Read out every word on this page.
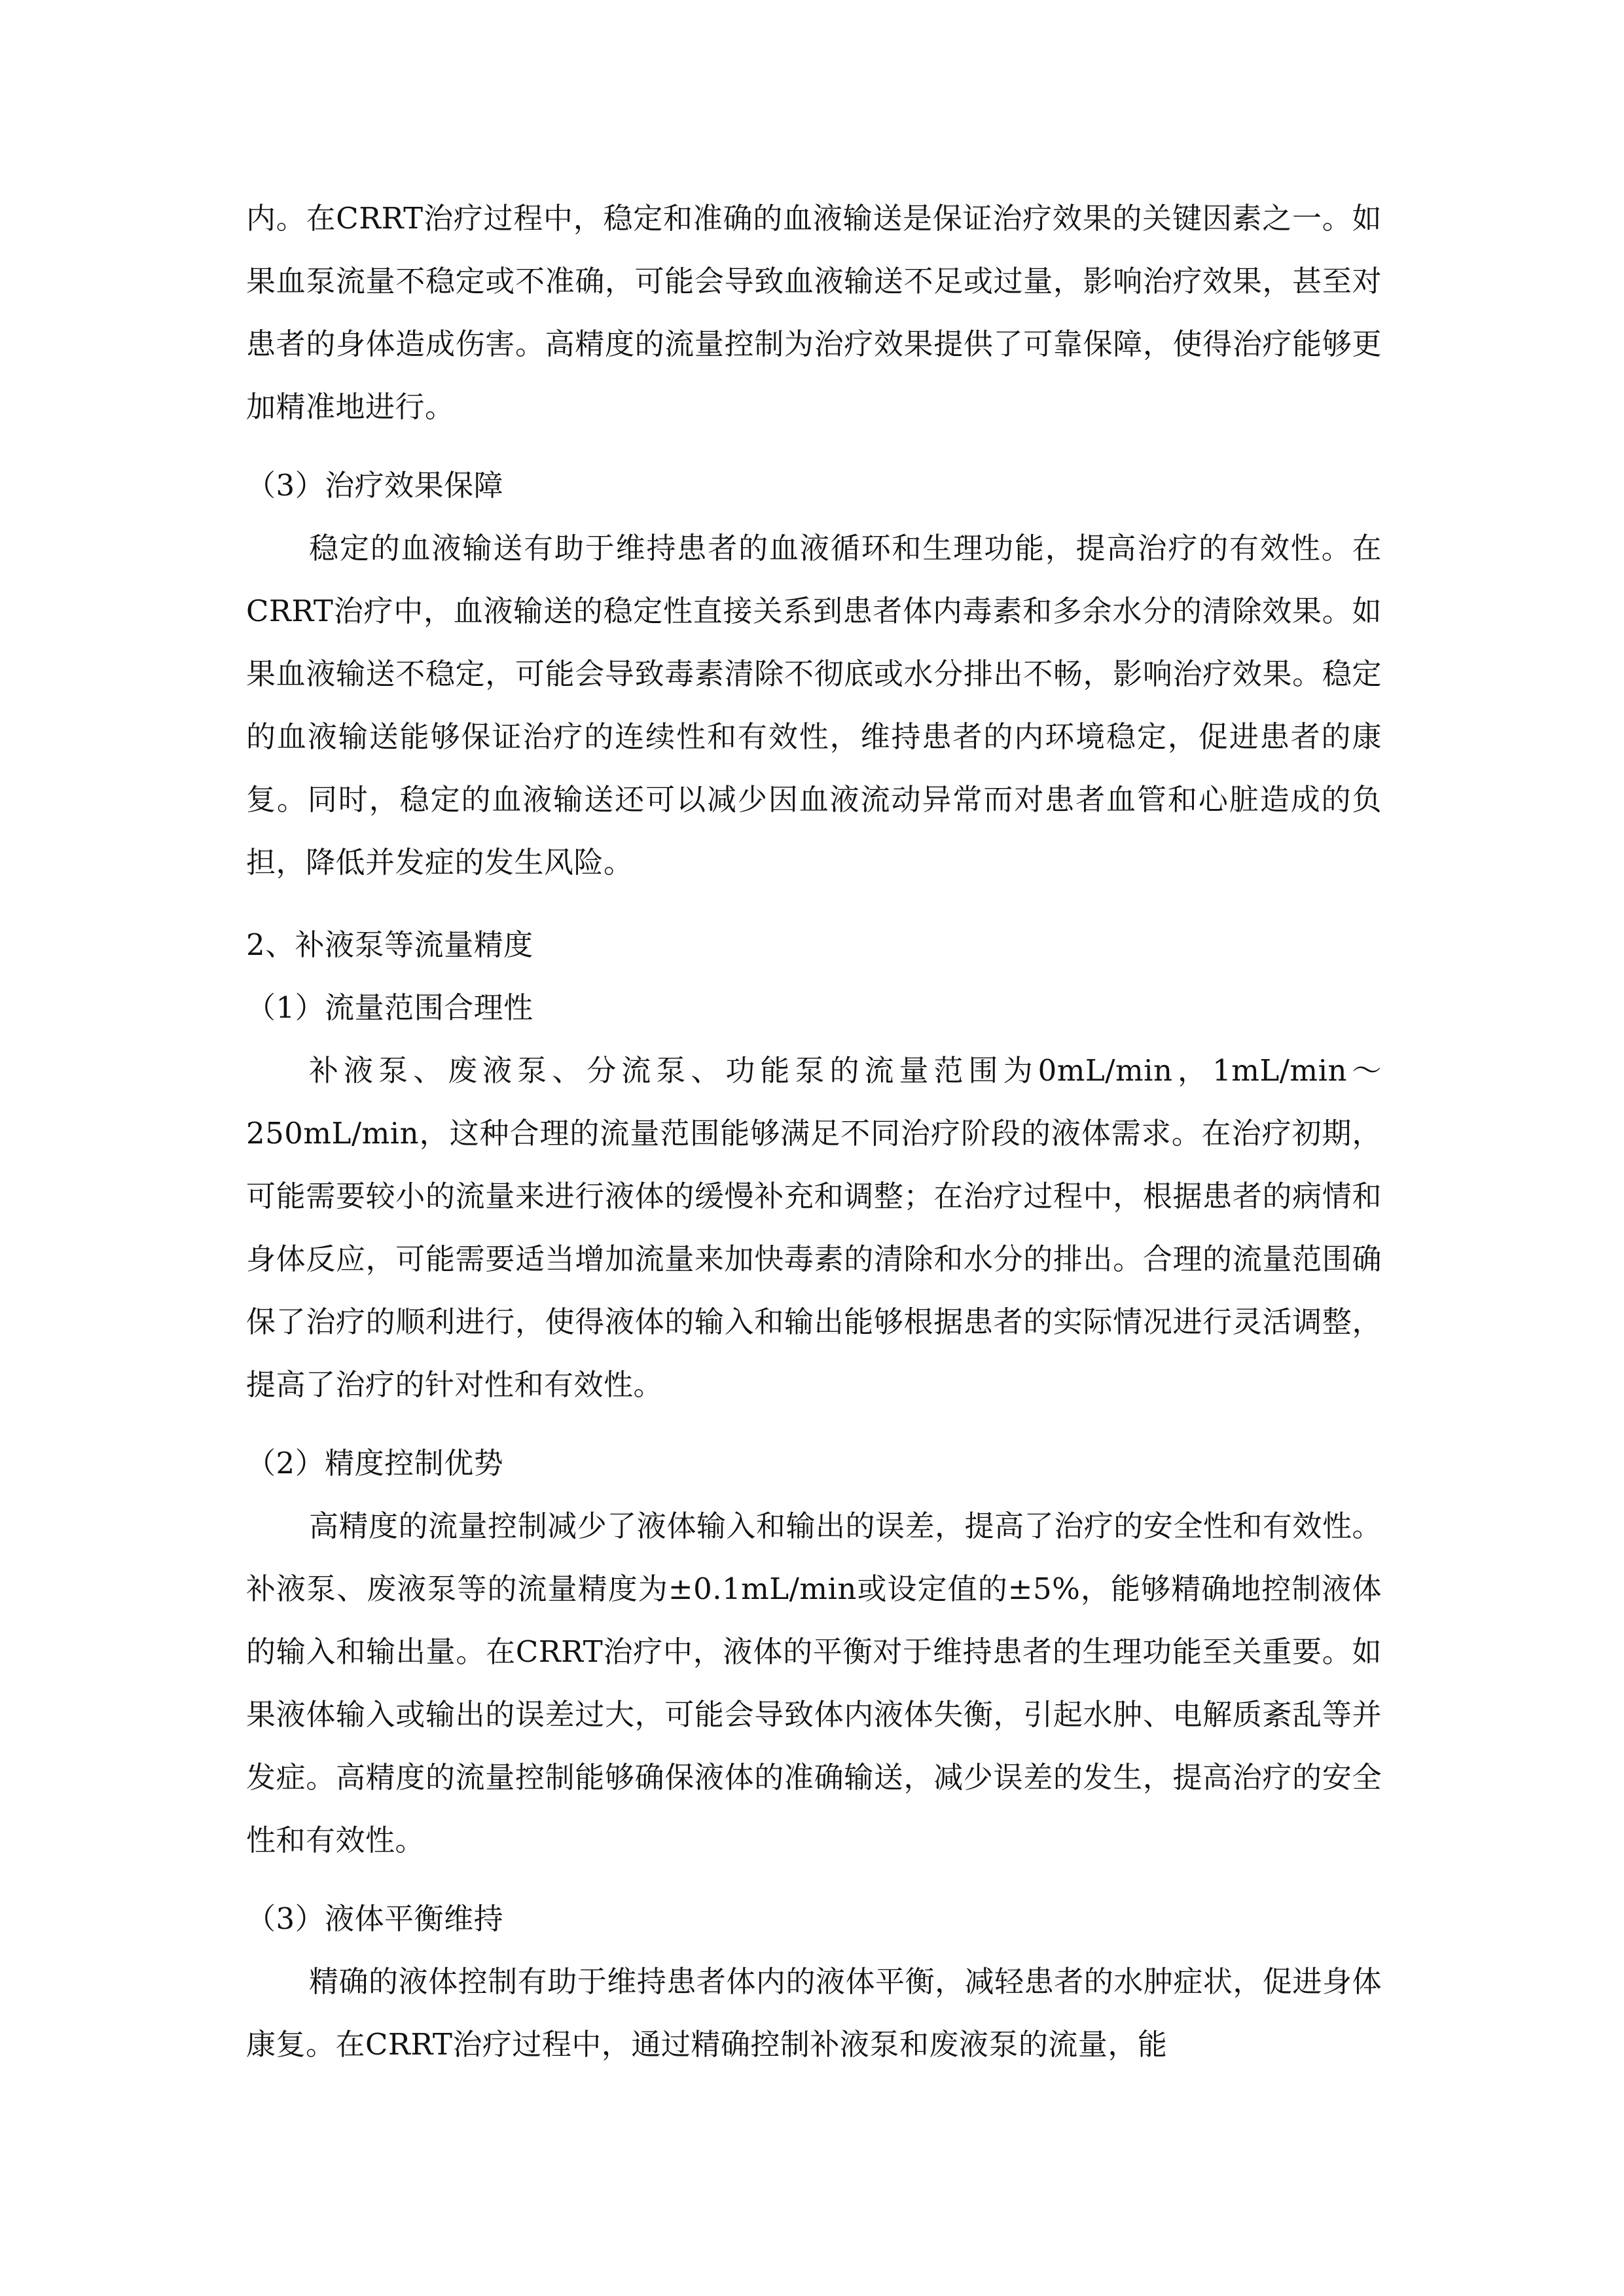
内。在CRRT治疗过程中，稳定和准确的血液输送是保证治疗效果的关键因素之一。如果血泵流量不稳定或不准确，可能会导致血液输送不足或过量，影响治疗效果，甚至对患者的身体造成伤害。高精度的流量控制为治疗效果提供了可靠保障，使得治疗能够更加精准地进行。

（3）治疗效果保障

稳定的血液输送有助于维持患者的血液循环和生理功能，提高治疗的有效性。在CRRT治疗中，血液输送的稳定性直接关系到患者体内毒素和多余水分的清除效果。如果血液输送不稳定，可能会导致毒素清除不彻底或水分排出不畅，影响治疗效果。稳定的血液输送能够保证治疗的连续性和有效性，维持患者的内环境稳定，促进患者的康复。同时，稳定的血液输送还可以减少因血液流动异常而对患者血管和心脏造成的负担，降低并发症的发生风险。

2、补液泵等流量精度

（1）流量范围合理性

补液泵、废液泵、分流泵、功能泵的流量范围为0mL/min，1mL/min～250mL/min，这种合理的流量范围能够满足不同治疗阶段的液体需求。在治疗初期，可能需要较小的流量来进行液体的缓慢补充和调整；在治疗过程中，根据患者的病情和身体反应，可能需要适当增加流量来加快毒素的清除和水分的排出。合理的流量范围确保了治疗的顺利进行，使得液体的输入和输出能够根据患者的实际情况进行灵活调整，提高了治疗的针对性和有效性。

（2）精度控制优势

高精度的流量控制减少了液体输入和输出的误差，提高了治疗的安全性和有效性。补液泵、废液泵等的流量精度为±0.1mL/min或设定值的±5%，能够精确地控制液体的输入和输出量。在CRRT治疗中，液体的平衡对于维持患者的生理功能至关重要。如果液体输入或输出的误差过大，可能会导致体内液体失衡，引起水肿、电解质紊乱等并发症。高精度的流量控制能够确保液体的准确输送，减少误差的发生，提高治疗的安全性和有效性。

（3）液体平衡维持

精确的液体控制有助于维持患者体内的液体平衡，减轻患者的水肿症状，促进身体康复。在CRRT治疗过程中，通过精确控制补液泵和废液泵的流量，能
